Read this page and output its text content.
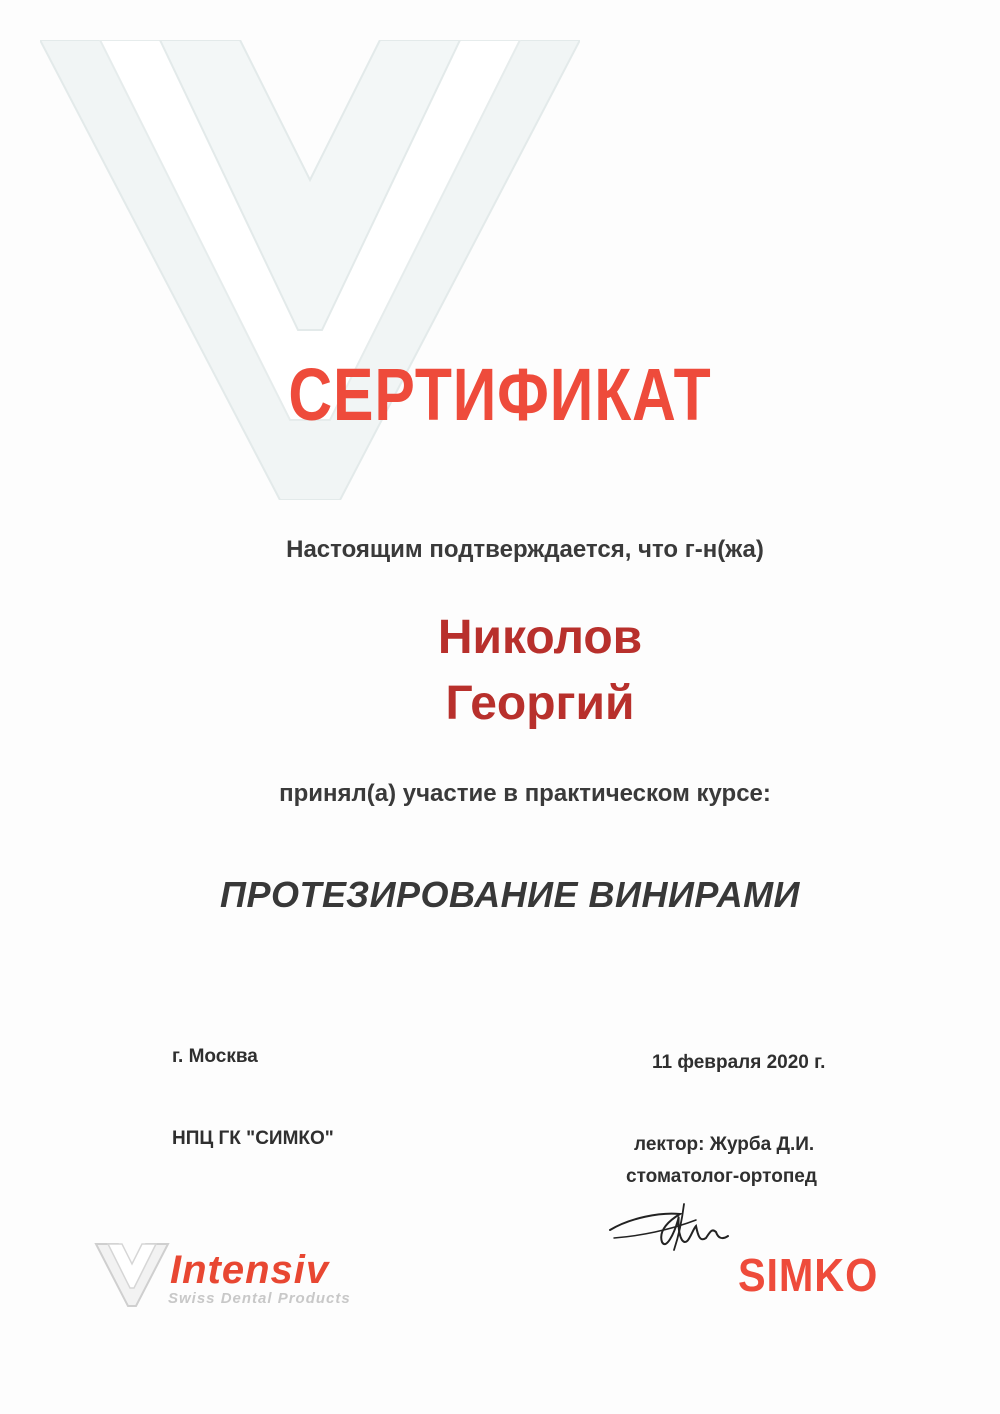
СЕРТИФИКАТ
Настоящим подтверждается, что г-н(жа)
Николов
Георгий
принял(а) участие в практическом курсе:
ПРОТЕЗИРОВАНИЕ ВИНИРАМИ
г. Москва	11 февраля 2020 г.
НПЦ ГК "СИМКО"	лектор: Журба Д.И.
стоматолог-ортопед
Intensiv
Swiss Dental Products	SIMKO
